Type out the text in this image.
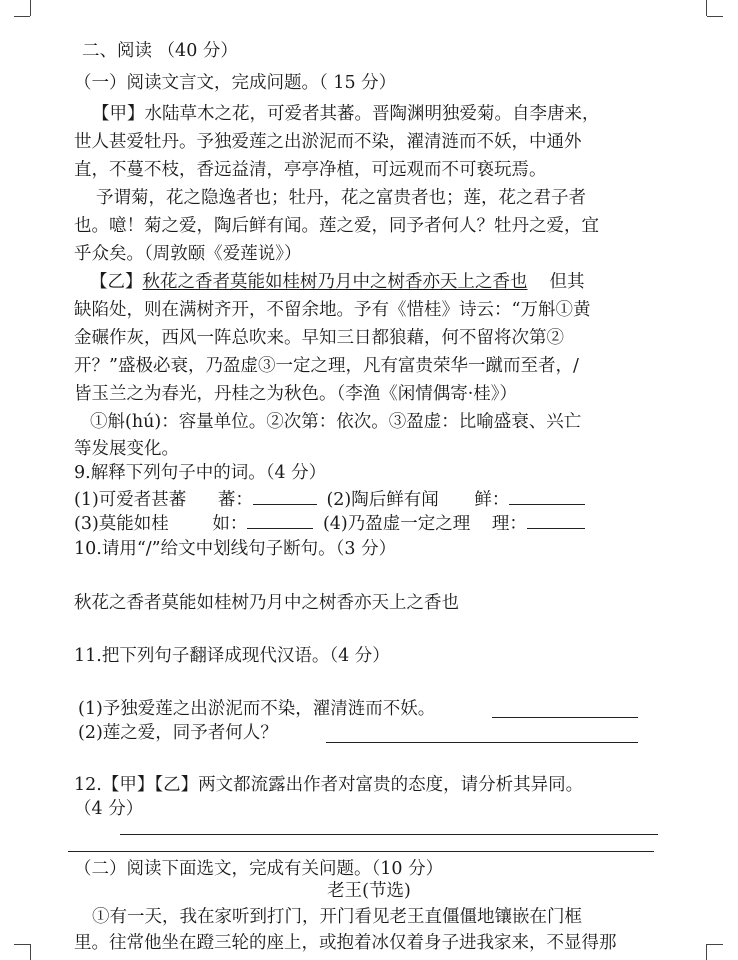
二、阅读 （40 分）
（一）阅读文言文，完成问题。（ 15 分）
【甲】水陆草木之花，可爱者其蕃。晋陶渊明独爱菊。自李唐来，
世人甚爱牡丹。予独爱莲之出淤泥而不染，濯清涟而不妖，中通外
直，不蔓不枝，香远益清，亭亭净植，可远观而不可亵玩焉。
予谓菊，花之隐逸者也；牡丹，花之富贵者也；莲，花之君子者
也。噫！菊之爱，陶后鲜有闻。莲之爱，同予者何人？牡丹之爱，宜
乎众矣。（周敦颐《爱莲说》）
【乙】秋花之香者莫能如桂树乃月中之树香亦天上之香也 但其
缺陷处，则在满树齐开，不留余地。予有《惜桂》诗云：“万斛①黄
金碾作灰，西风一阵总吹来。早知三日都狼藉，何不留将次第②
开？”盛极必衰，乃盈虚③一定之理，凡有富贵荣华一蹴而至者，/
皆玉兰之为春光，丹桂之为秋色。（李渔《闲情偶寄·桂》）
①斛(hú)：容量单位。②次第：依次。③盈虚：比喻盛衰、兴亡
等发展变化。
9.解释下列句子中的词。（4 分）
(1)可爱者甚蕃 蕃：	(2)陶后鲜有闻 鲜：
(3)莫能如桂 如：	(4)乃盈虚一定之理 理：
10.请用“/”给文中划线句子断句。（3 分）
秋花之香者莫能如桂树乃月中之树香亦天上之香也
11.把下列句子翻译成现代汉语。（4 分）
(1)予独爱莲之出淤泥而不染，濯清涟而不妖。
(2)莲之爱，同予者何人？
12.【甲】【乙】两文都流露出作者对富贵的态度，请分析其异同。
（4 分）
（二）阅读下面选文，完成有关问题。（10 分）
老王(节选)
①有一天，我在家听到打门，开门看见老王直僵僵地镶嵌在门框
里。往常他坐在蹬三轮的座上，或抱着冰仅着身子进我家来，不显得那
